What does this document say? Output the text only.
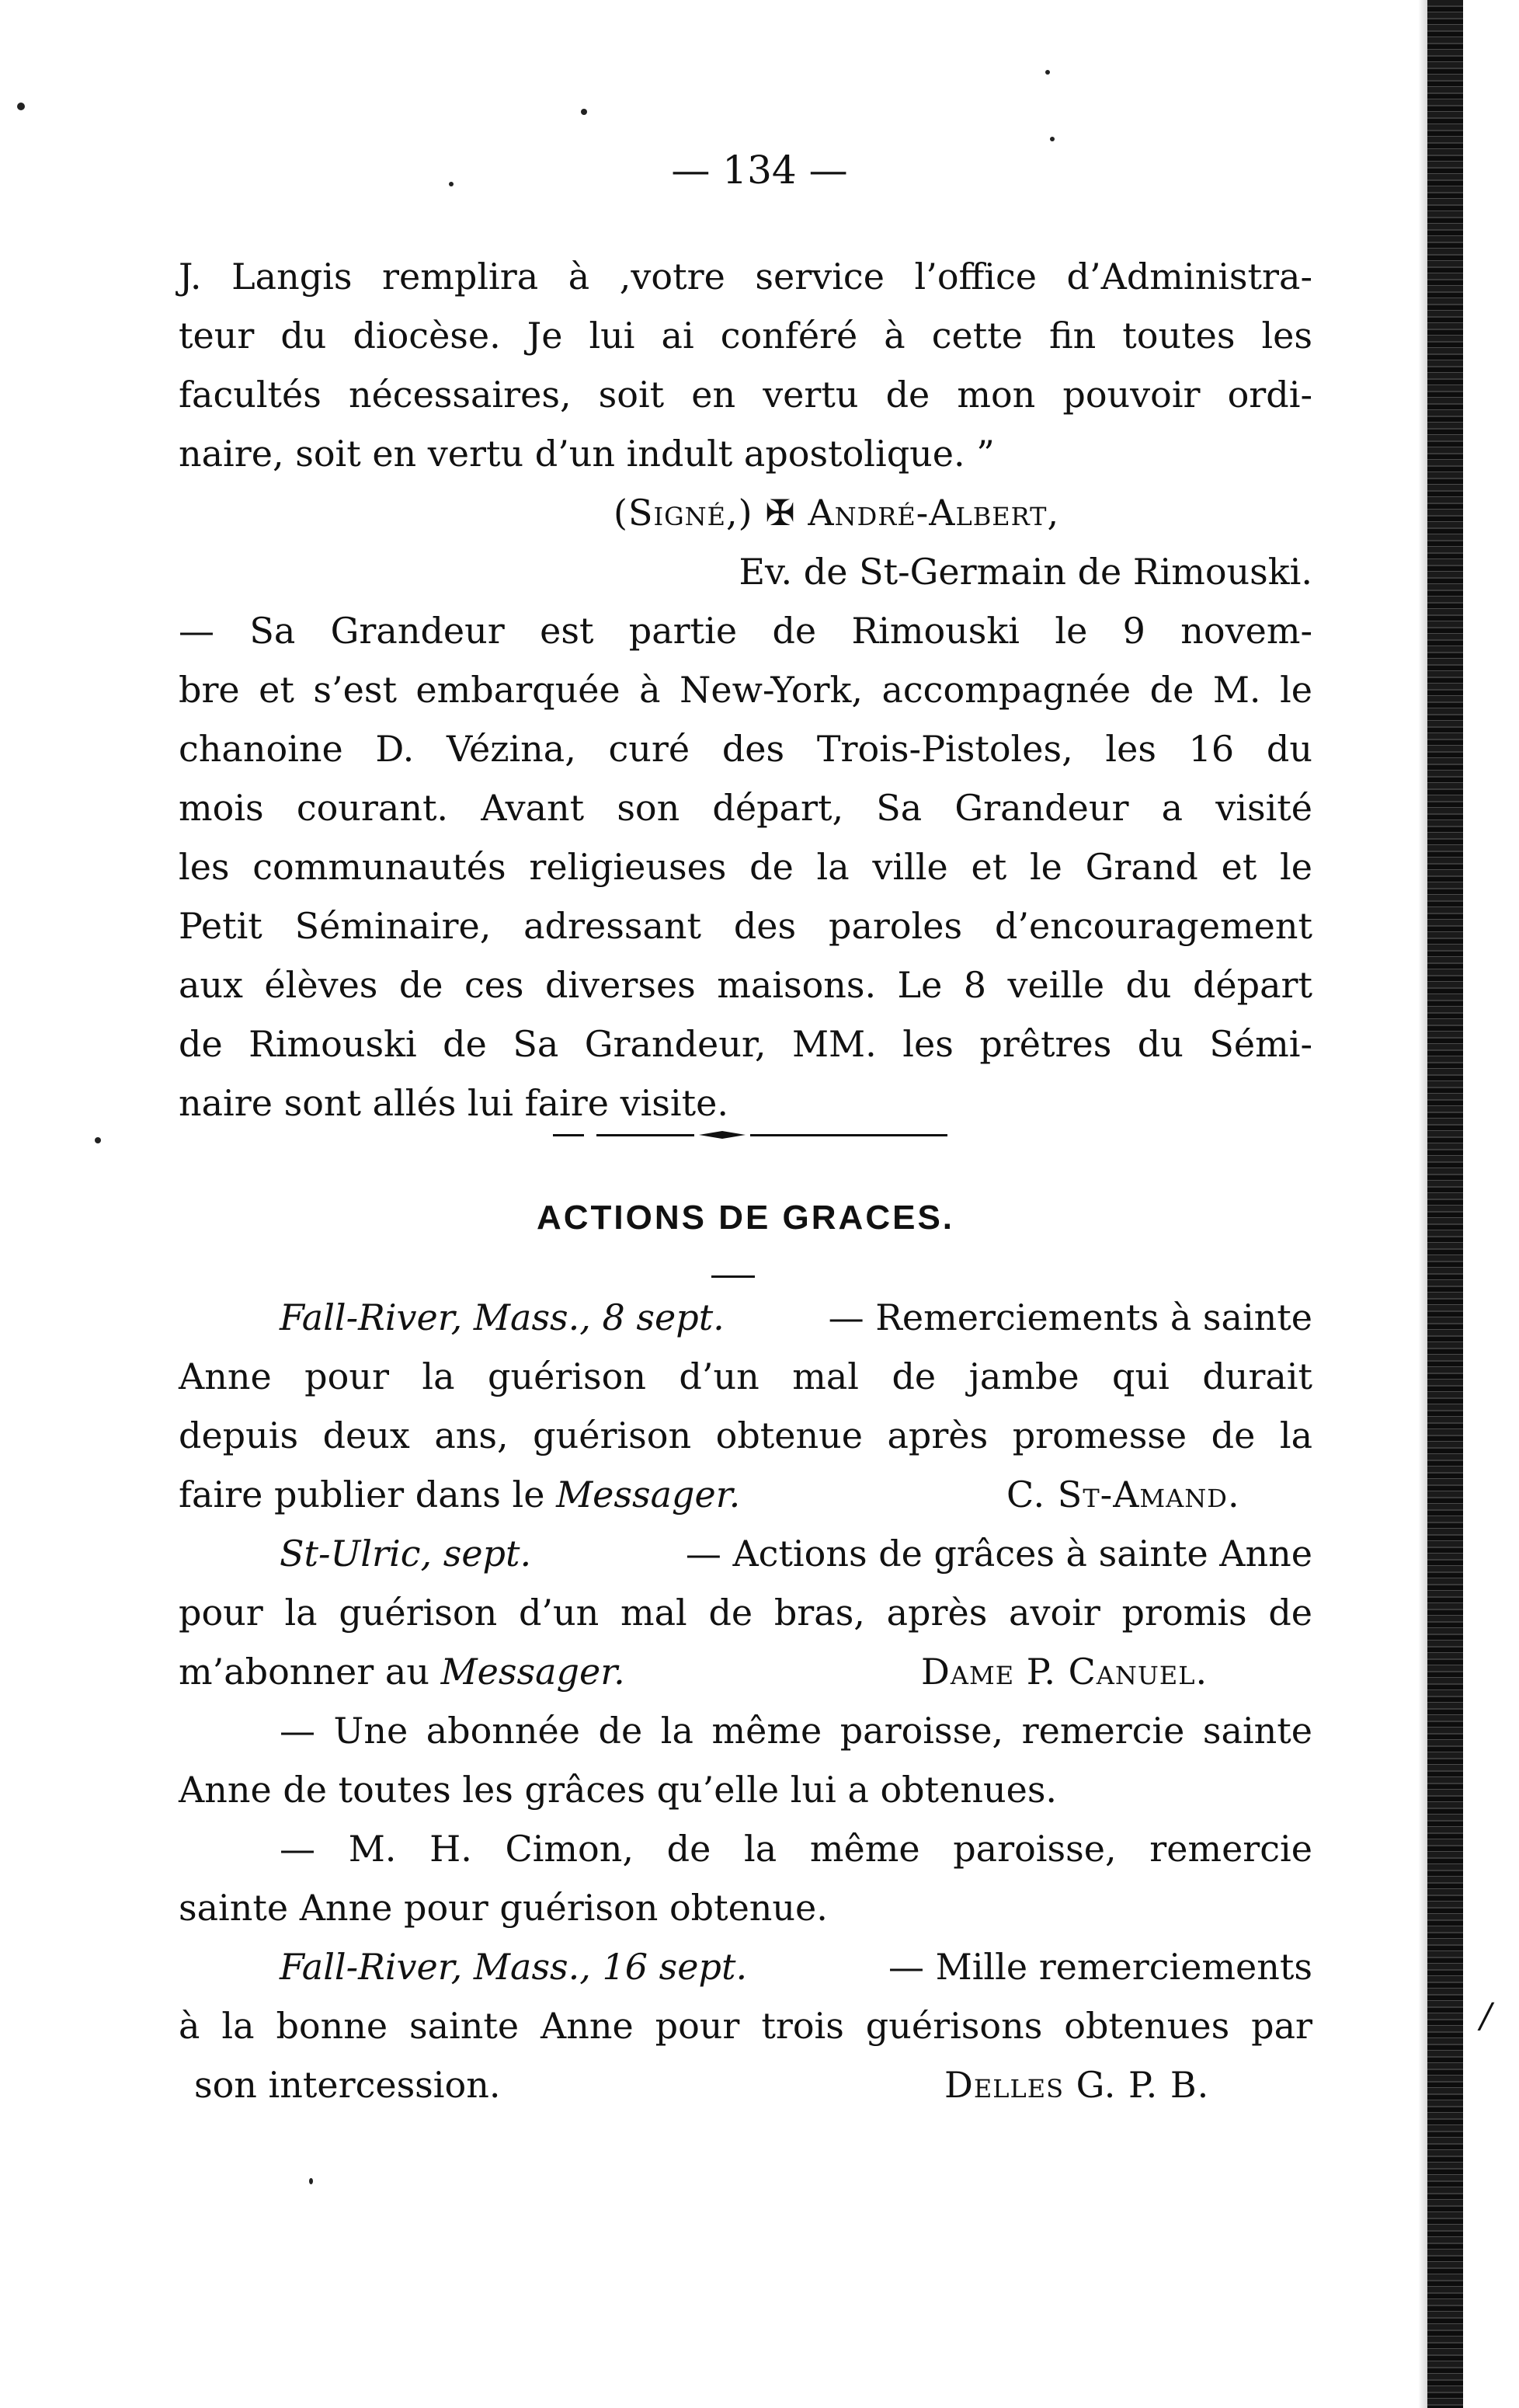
/
— 134 —
J. Langis remplira à ,votre service l’office d’Administra-
teur du diocèse. Je lui ai conféré à cette fin toutes les
facultés nécessaires, soit en vertu de mon pouvoir ordi-
naire, soit en vertu d’un indult apostolique. ”
(Signé,) ✠ André-Albert,
Ev. de St-Germain de Rimouski.
— Sa Grandeur est partie de Rimouski le 9 novem-
bre et s’est embarquée à New-York, accompagnée de M. le
chanoine D. Vézina, curé des Trois-Pistoles, les 16 du
mois courant. Avant son départ, Sa Grandeur a visité
les communautés religieuses de la ville et le Grand et le
Petit Séminaire, adressant des paroles d’encouragement
aux élèves de ces diverses maisons. Le 8 veille du départ
de Rimouski de Sa Grandeur, MM. les prêtres du Sémi-
naire sont allés lui faire visite.
ACTIONS DE GRACES.
Fall-River, Mass., 8 sept.	— Remerciements à sainte
Anne pour la guérison d’un mal de jambe qui durait
depuis deux ans, guérison obtenue après promesse de la
faire publier dans le Messager.	C. St-Amand.
St-Ulric, sept.	— Actions de grâces à sainte Anne
pour la guérison d’un mal de bras, après avoir promis de
m’abonner au Messager.	Dame P. Canuel.
— Une abonnée de la même paroisse, remercie sainte
Anne de toutes les grâces qu’elle lui a obtenues.
— M. H. Cimon, de la même paroisse, remercie
sainte Anne pour guérison obtenue.
Fall-River, Mass., 16 sept.	— Mille remerciements
à la bonne sainte Anne pour trois guérisons obtenues par
son intercession.	Delles G. P. B.
